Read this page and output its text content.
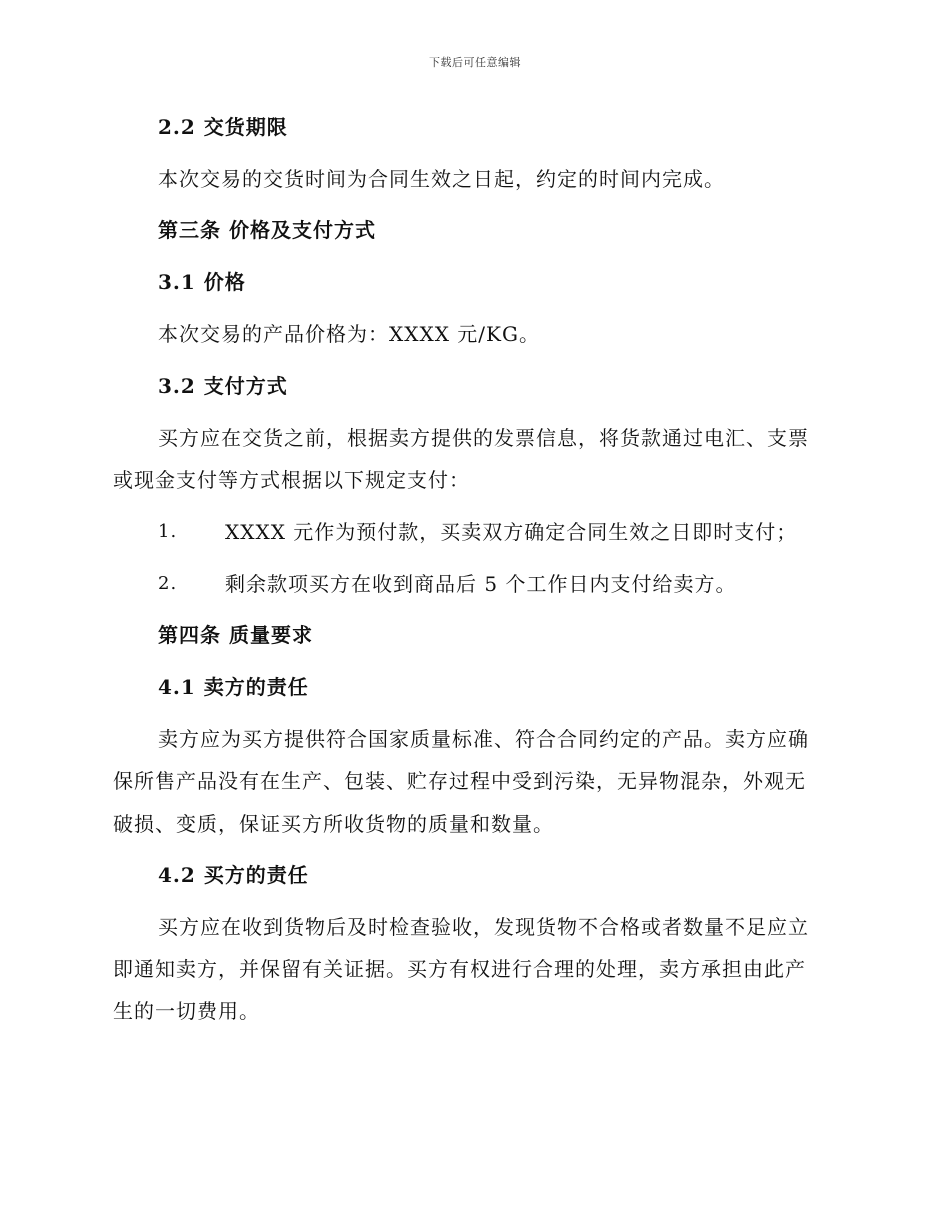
下载后可任意编辑
2.2 交货期限
本次交易的交货时间为合同生效之日起，约定的时间内完成。
第三条 价格及支付方式
3.1 价格
本次交易的产品价格为：XXXX 元/KG。
3.2 支付方式
买方应在交货之前，根据卖方提供的发票信息，将货款通过电汇、支票
或现金支付等方式根据以下规定支付：
1. XXXX 元作为预付款，买卖双方确定合同生效之日即时支付；
2. 剩余款项买方在收到商品后 5 个工作日内支付给卖方。
第四条 质量要求
4.1 卖方的责任
卖方应为买方提供符合国家质量标准、符合合同约定的产品。卖方应确
保所售产品没有在生产、包装、贮存过程中受到污染，无异物混杂，外观无
破损、变质，保证买方所收货物的质量和数量。
4.2 买方的责任
买方应在收到货物后及时检查验收，发现货物不合格或者数量不足应立
即通知卖方，并保留有关证据。买方有权进行合理的处理，卖方承担由此产
生的一切费用。
